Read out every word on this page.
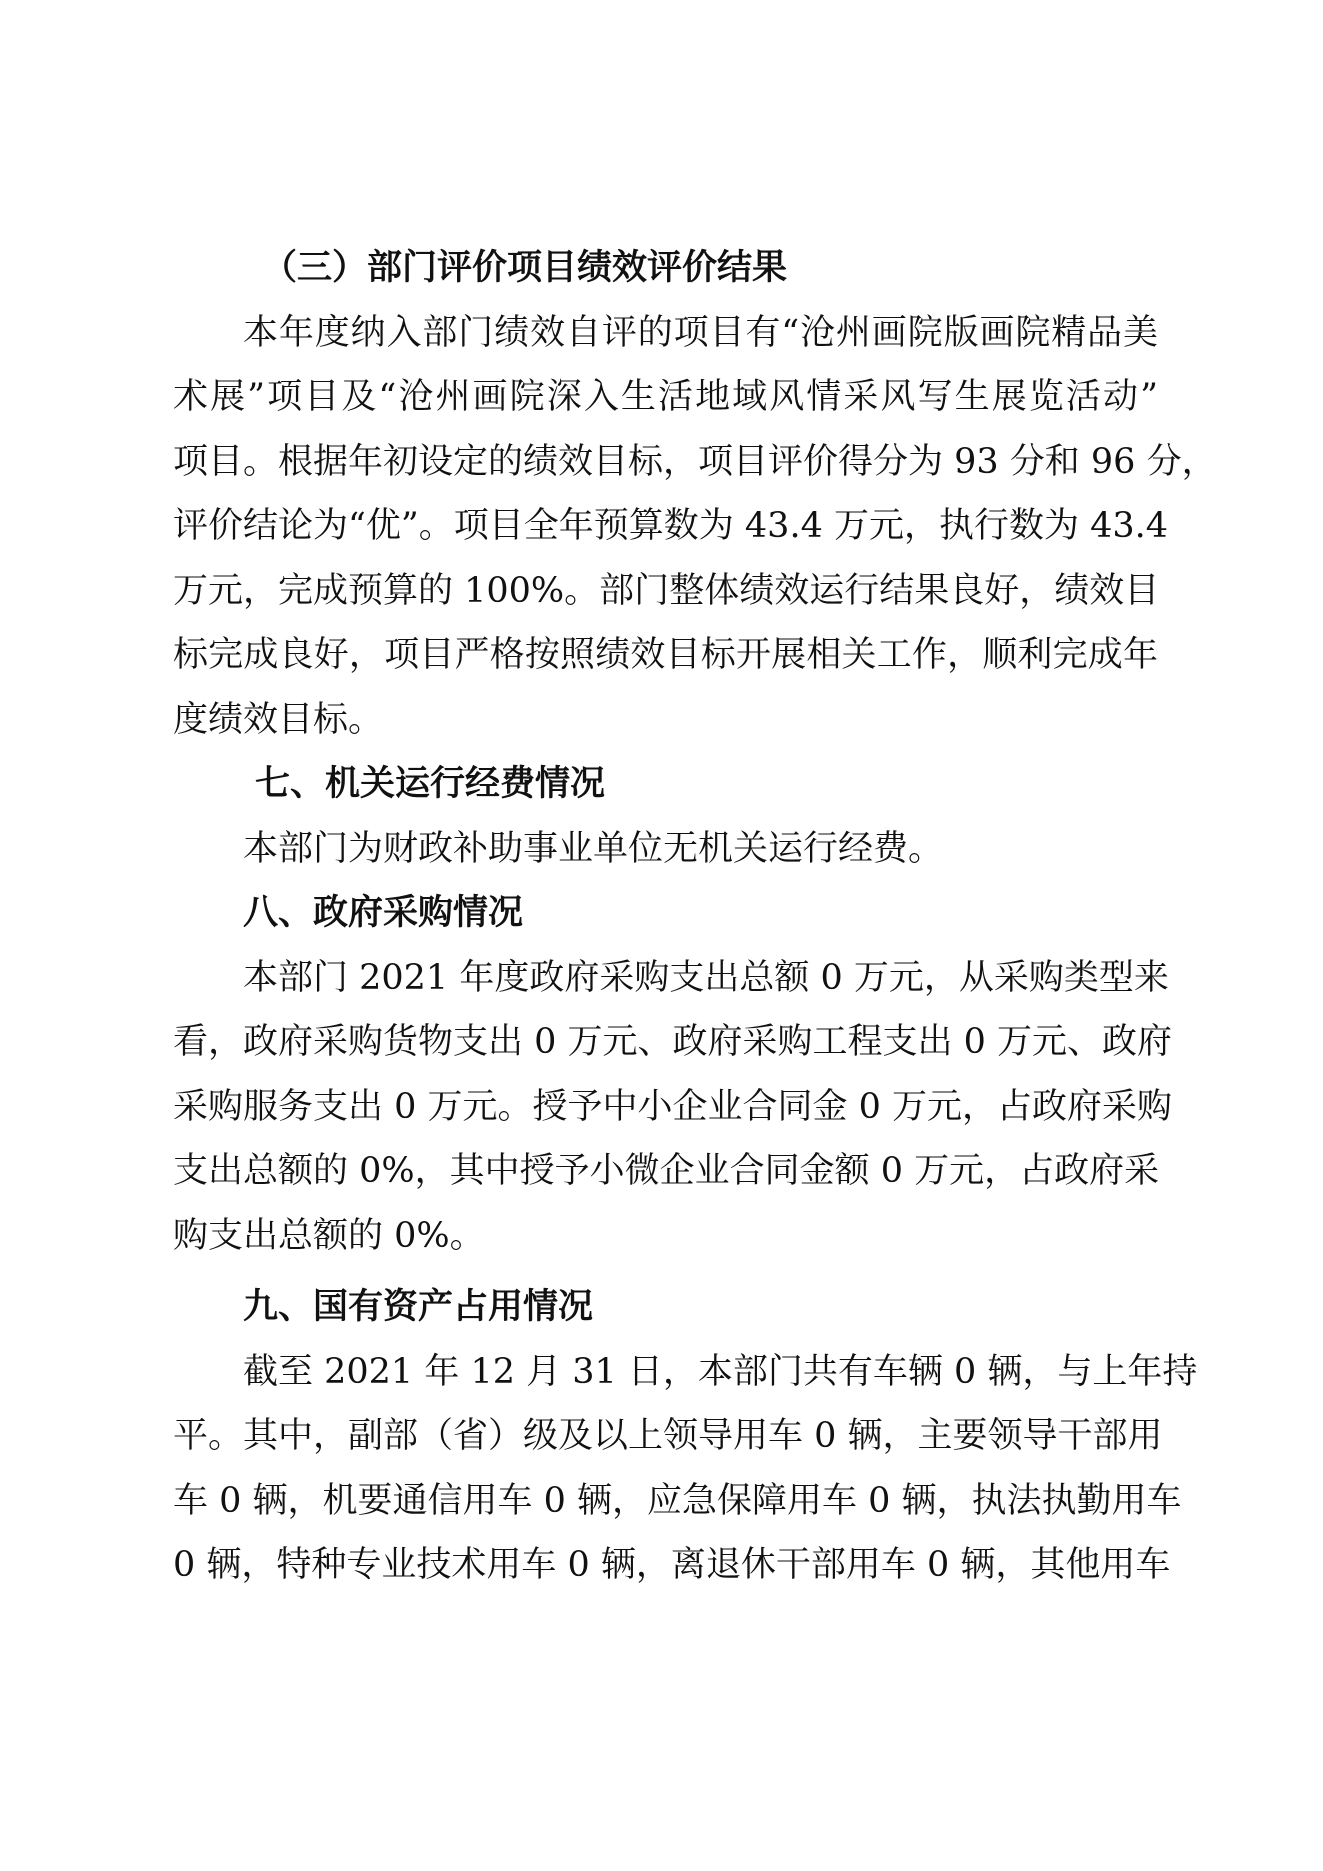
（三）部门评价项目绩效评价结果
本年度纳入部门绩效自评的项目有“沧州画院版画院精品美
术展”项目及“沧州画院深入生活地域风情采风写生展览活动”
项目。根据年初设定的绩效目标，项目评价得分为 93 分和 96 分，
评价结论为“优”。项目全年预算数为 43.4 万元，执行数为 43.4
万元，完成预算的 100%。部门整体绩效运行结果良好，绩效目
标完成良好，项目严格按照绩效目标开展相关工作，顺利完成年
度绩效目标。
七、机关运行经费情况
本部门为财政补助事业单位无机关运行经费。
八、政府采购情况
本部门 2021 年度政府采购支出总额 0 万元，从采购类型来
看，政府采购货物支出 0 万元、政府采购工程支出 0 万元、政府
采购服务支出 0 万元。授予中小企业合同金 0 万元，占政府采购
支出总额的 0%，其中授予小微企业合同金额 0 万元，占政府采
购支出总额的 0%。
九、国有资产占用情况
截至 2021 年 12 月 31 日，本部门共有车辆 0 辆，与上年持
平。其中，副部（省）级及以上领导用车 0 辆，主要领导干部用
车 0 辆，机要通信用车 0 辆，应急保障用车 0 辆，执法执勤用车
0 辆，特种专业技术用车 0 辆，离退休干部用车 0 辆，其他用车
